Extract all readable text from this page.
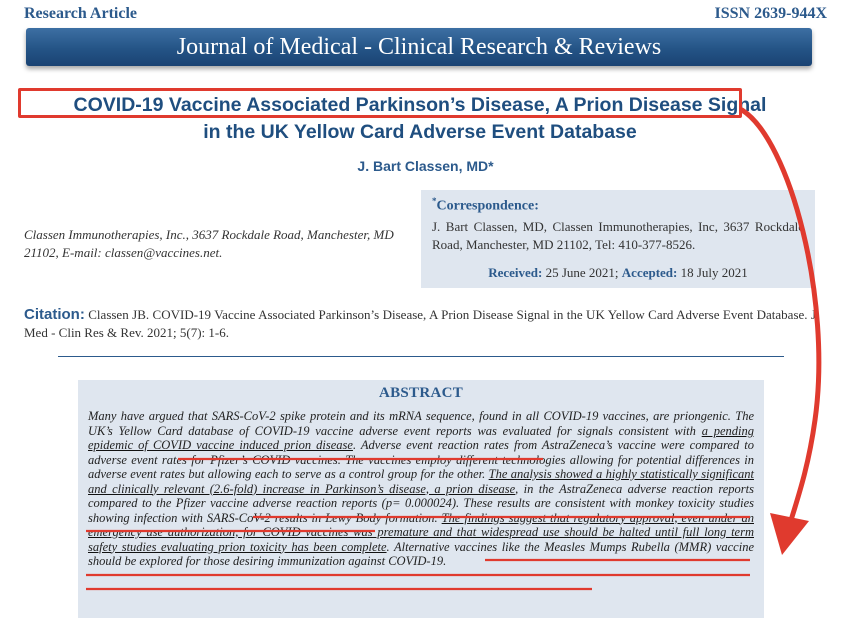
Research Article	ISSN 2639-944X
Journal of Medical - Clinical Research & Reviews
COVID-19 Vaccine Associated Parkinson’s Disease, A Prion Disease Signal
in the UK Yellow Card Adverse Event Database
J. Bart Classen, MD*
Classen Immunotherapies, Inc., 3637 Rockdale Road, Manchester, MD 21102, E-mail: classen@vaccines.net.
*Correspondence:
J. Bart Classen, MD, Classen Immunotherapies, Inc, 3637 Rockdale Road, Manchester, MD 21102, Tel: 410-377-8526.
Received: 25 June 2021; Accepted: 18 July 2021
Citation: Classen JB. COVID-19 Vaccine Associated Parkinson’s Disease, A Prion Disease Signal in the UK Yellow Card Adverse Event Database. J Med - Clin Res & Rev. 2021; 5(7): 1-6.
ABSTRACT
Many have argued that SARS-CoV-2 spike protein and its mRNA sequence, found in all COVID-19 vaccines, are priongenic. The UK’s Yellow Card database of COVID-19 vaccine adverse event reports was evaluated for signals consistent with a pending epidemic of COVID vaccine induced prion disease. Adverse event reaction rates from AstraZeneca’s vaccine were compared to adverse event rates for Pfizer’s COVID vaccines. The vaccines employ different technologies allowing for potential differences in adverse event rates but allowing each to serve as a control group for the other. The analysis showed a highly statistically significant and clinically relevant (2.6-fold) increase in Parkinson’s disease, a prion disease, in the AstraZeneca adverse reaction reports compared to the Pfizer vaccine adverse reaction reports (p= 0.000024). These results are consistent with monkey toxicity studies showing infection with SARS-CoV-2 results in Lewy Body formation. The findings suggest that regulatory approval, even under an emergency use authorization, for COVID vaccines was premature and that widespread use should be halted until full long term safety studies evaluating prion toxicity has been complete. Alternative vaccines like the Measles Mumps Rubella (MMR) vaccine should be explored for those desiring immunization against COVID-19.
